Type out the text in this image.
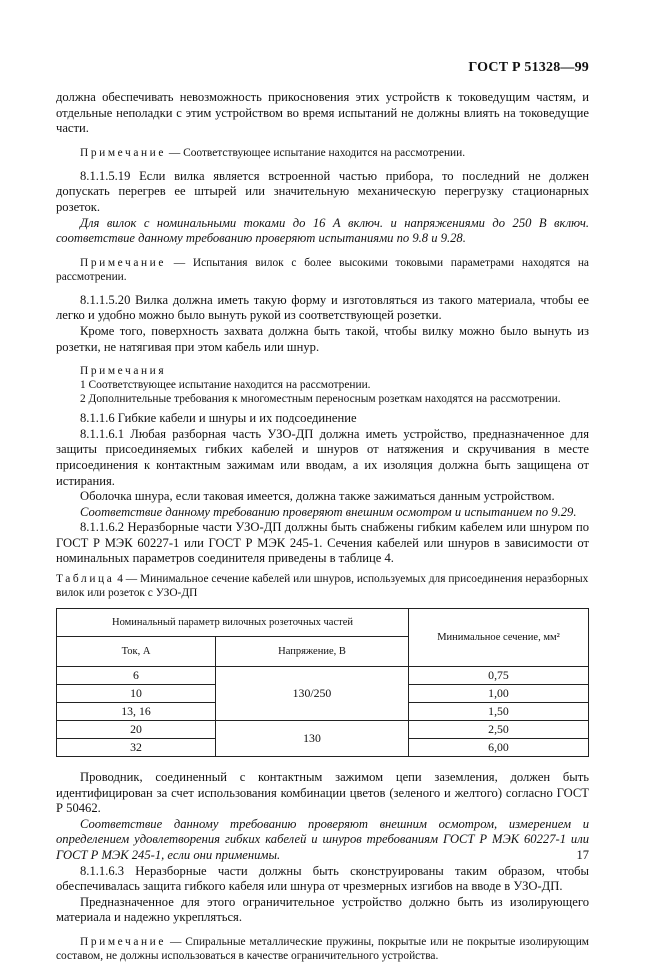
ГОСТ Р 51328—99

должна обеспечивать невозможность прикосновения этих устройств к токоведущим частям, и отдельные неполадки с этим устройством во время испытаний не должны влиять на токоведущие части.

Примечание — Соответствующее испытание находится на рассмотрении.

8.1.1.5.19 Если вилка является встроенной частью прибора, то последний не должен допускать перегрев ее штырей или значительную механическую перегрузку стационарных розеток.

Для вилок с номинальными токами до 16 А включ. и напряжениями до 250 В включ. соответствие данному требованию проверяют испытаниями по 9.8 и 9.28.

Примечание — Испытания вилок с более высокими токовыми параметрами находятся на рассмотрении.

8.1.1.5.20 Вилка должна иметь такую форму и изготовляться из такого материала, чтобы ее легко и удобно можно было вынуть рукой из соответствующей розетки.

Кроме того, поверхность захвата должна быть такой, чтобы вилку можно было вынуть из розетки, не натягивая при этом кабель или шнур.

Примечания

1 Соответствующее испытание находится на рассмотрении.

2 Дополнительные требования к многоместным переносным розеткам находятся на рассмотрении.

8.1.1.6 Гибкие кабели и шнуры и их подсоединение

8.1.1.6.1 Любая разборная часть УЗО-ДП должна иметь устройство, предназначенное для защиты присоединяемых гибких кабелей и шнуров от натяжения и скручивания в месте присоединения к контактным зажимам или вводам, а их изоляция должна быть защищена от истирания.

Оболочка шнура, если таковая имеется, должна также зажиматься данным устройством.

Соответствие данному требованию проверяют внешним осмотром и испытанием по 9.29.

8.1.1.6.2 Неразборные части УЗО-ДП должны быть снабжены гибким кабелем или шнуром по ГОСТ Р МЭК 60227-1 или ГОСТ Р МЭК 245-1. Сечения кабелей или шнуров в зависимости от номинальных параметров соединителя приведены в таблице 4.

Таблица 4 — Минимальное сечение кабелей или шнуров, используемых для присоединения неразборных вилок или розеток с УЗО-ДП

Номинальный параметр вилочных розеточных частей		Минимальное сечение, мм²
Ток, А	Напряжение, В	
6	130/250	0,75
10		1,00
13, 16		1,50
20	130	2,50
32		6,00

Проводник, соединенный с контактным зажимом цепи заземления, должен быть идентифицирован за счет использования комбинации цветов (зеленого и желтого) согласно ГОСТ Р 50462.

Соответствие данному требованию проверяют внешним осмотром, измерением и определением удовлетворения гибких кабелей и шнуров требованиям ГОСТ Р МЭК 60227-1 или ГОСТ Р МЭК 245-1, если они применимы.

8.1.1.6.3 Неразборные части должны быть сконструированы таким образом, чтобы обеспечивалась защита гибкого кабеля или шнура от чрезмерных изгибов на вводе в УЗО-ДП.

Предназначенное для этого ограничительное устройство должно быть из изолирующего материала и надежно укрепляться.

Примечание — Спиральные металлические пружины, покрытые или не покрытые изолирующим составом, не должны использоваться в качестве ограничительного устройства.

17
